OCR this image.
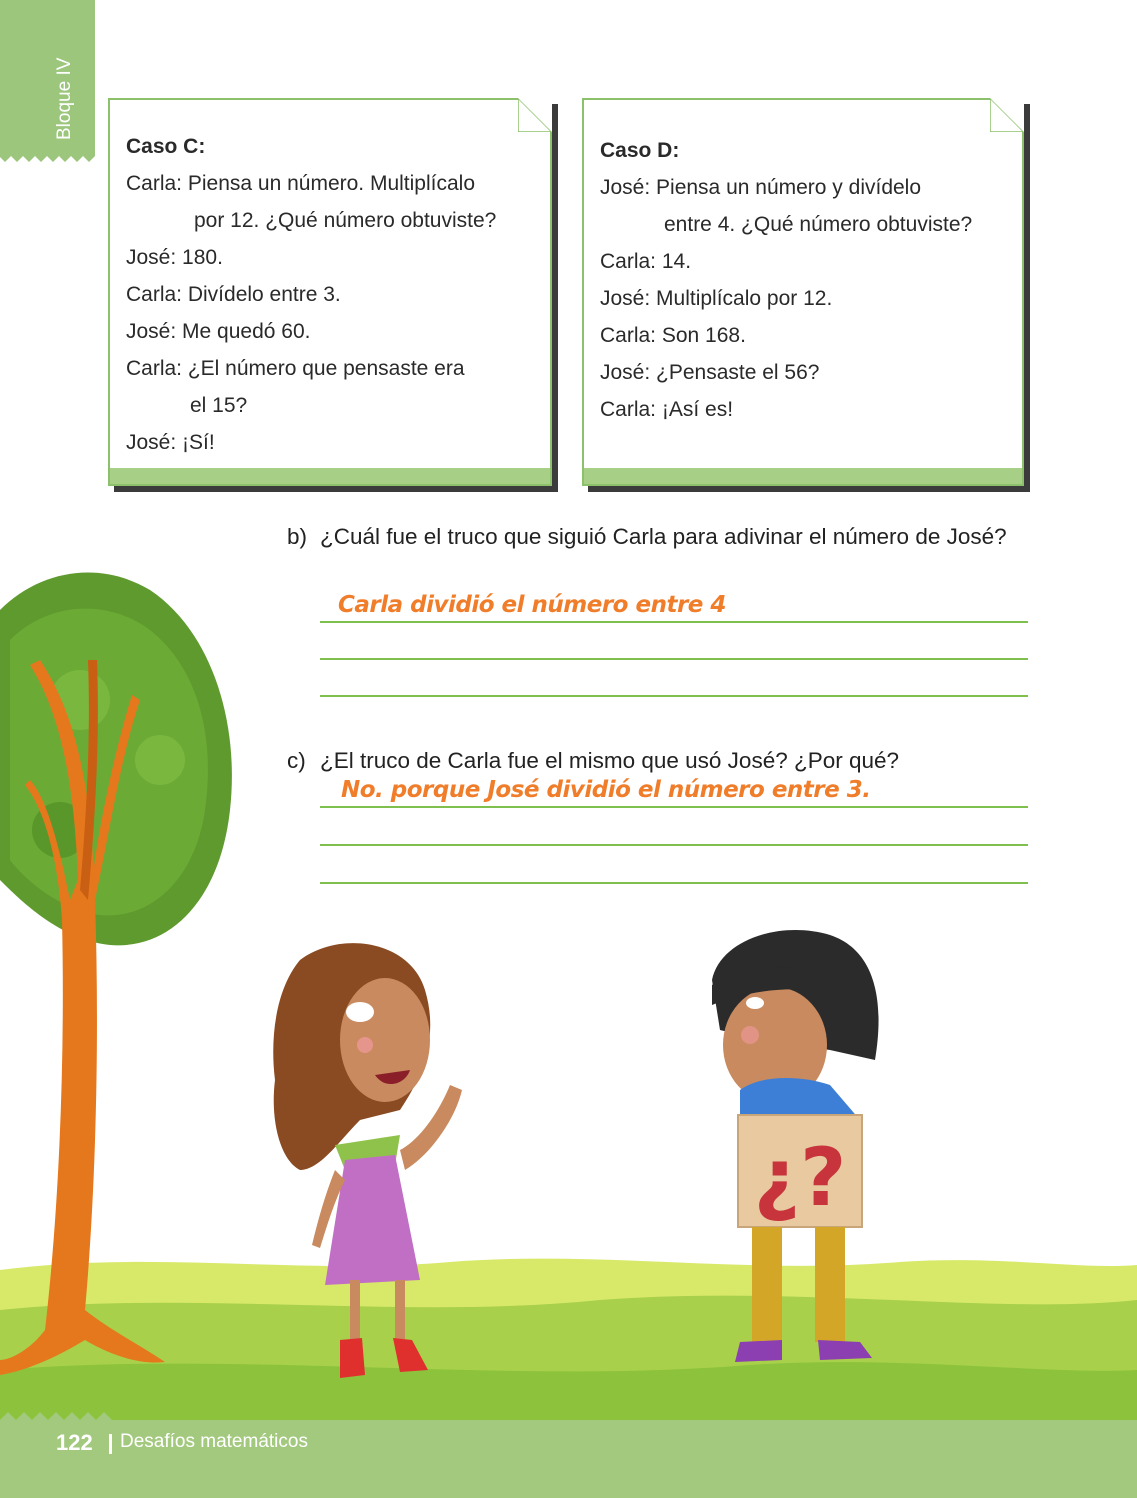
Bloque IV
¿?
Caso C:
Carla: Piensa un número. Multiplícalo
por 12. ¿Qué número obtuviste?
José: 180.
Carla: Divídelo entre 3.
José: Me quedó 60.
Carla: ¿El número que pensaste era
el 15?
José: ¡Sí!
Caso D:
José: Piensa un número y divídelo
entre 4. ¿Qué número obtuviste?
Carla: 14.
José: Multiplícalo por 12.
Carla: Son 168.
José: ¿Pensaste el 56?
Carla: ¡Así es!
b) ¿Cuál fue el truco que siguió Carla para adivinar el número de José?
Carla dividió el número entre 4
c) ¿El truco de Carla fue el mismo que usó José? ¿Por qué?
No. porque José dividió el número entre 3.
122 Desafíos matemáticos
